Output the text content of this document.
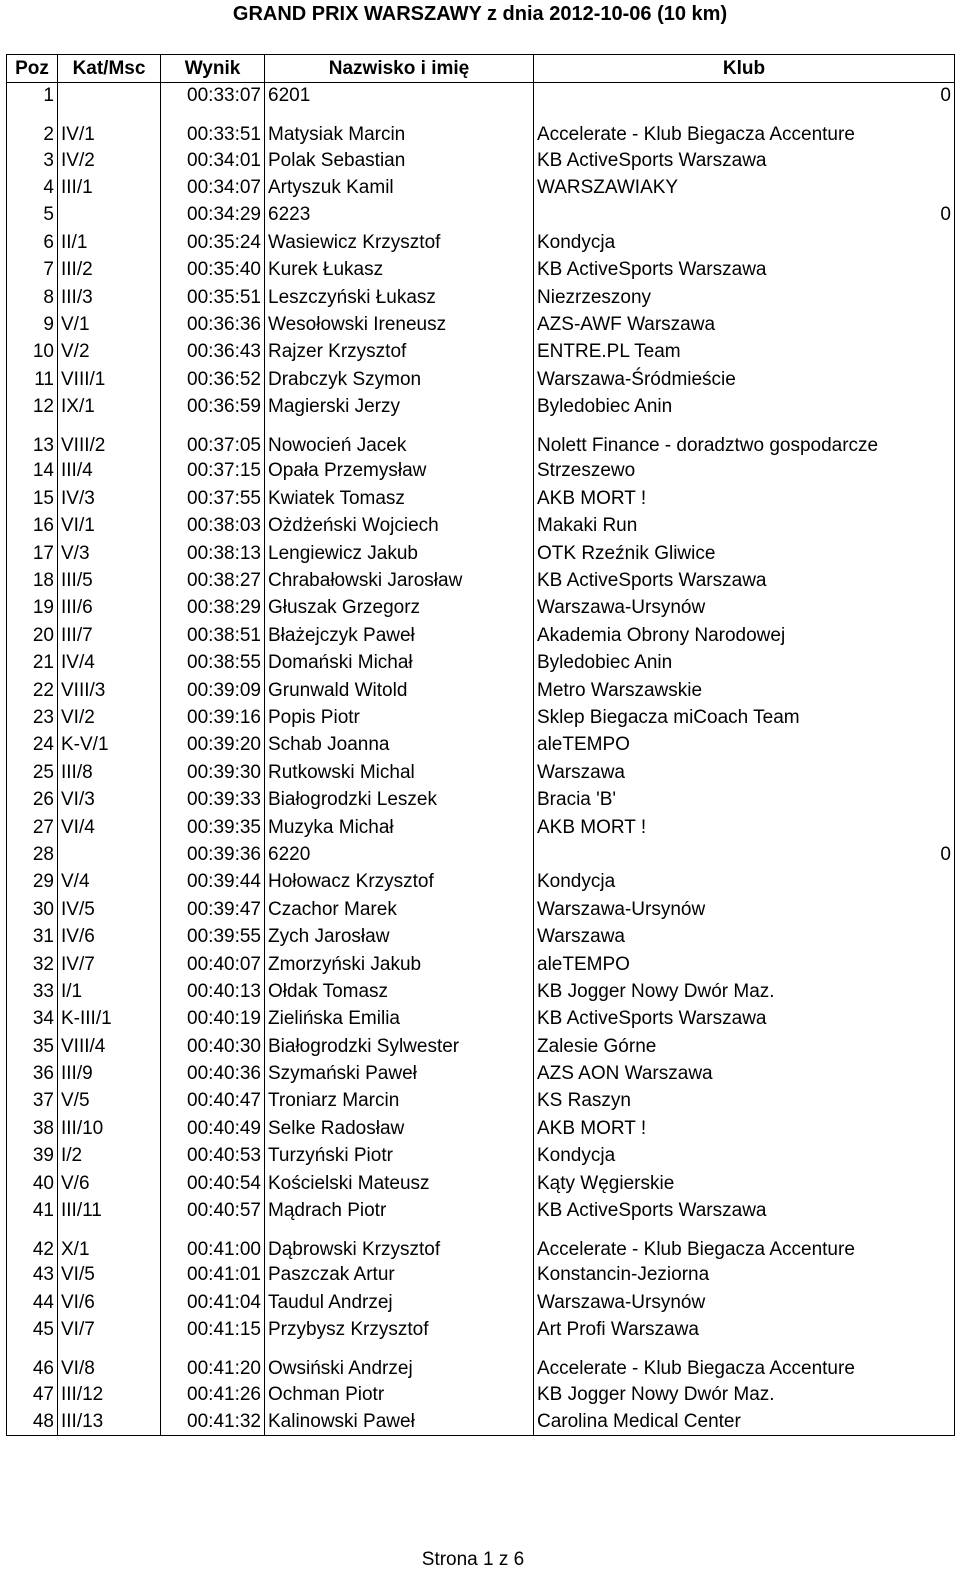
GRAND PRIX WARSZAWY z dnia 2012-10-06 (10 km)
Poz	Kat/Msc	Wynik	Nazwisko i imię	Klub
1		00:33:07	6201	0

2	IV/1	00:33:51	Matysiak Marcin	Accelerate - Klub Biegacza Accenture

3	IV/2	00:34:01	Polak Sebastian	KB ActiveSports Warszawa

4	III/1	00:34:07	Artyszuk Kamil	WARSZAWIAKY

5		00:34:29	6223	0

6	II/1	00:35:24	Wasiewicz Krzysztof	Kondycja

7	III/2	00:35:40	Kurek Łukasz	KB ActiveSports Warszawa

8	III/3	00:35:51	Leszczyński Łukasz	Niezrzeszony

9	V/1	00:36:36	Wesołowski Ireneusz	AZS-AWF Warszawa

10	V/2	00:36:43	Rajzer Krzysztof	ENTRE.PL Team

11	VIII/1	00:36:52	Drabczyk Szymon	Warszawa-Śródmieście

12	IX/1	00:36:59	Magierski Jerzy	Byledobiec Anin

13	VIII/2	00:37:05	Nowocień Jacek	Nolett Finance - doradztwo gospodarcze

14	III/4	00:37:15	Opała Przemysław	Strzeszewo

15	IV/3	00:37:55	Kwiatek Tomasz	AKB MORT !

16	VI/1	00:38:03	Ożdżeński Wojciech	Makaki Run

17	V/3	00:38:13	Lengiewicz Jakub	OTK Rzeźnik Gliwice

18	III/5	00:38:27	Chrabałowski Jarosław	KB ActiveSports Warszawa

19	III/6	00:38:29	Głuszak Grzegorz	Warszawa-Ursynów

20	III/7	00:38:51	Błażejczyk Paweł	Akademia Obrony Narodowej

21	IV/4	00:38:55	Domański Michał	Byledobiec Anin

22	VIII/3	00:39:09	Grunwald Witold	Metro Warszawskie

23	VI/2	00:39:16	Popis Piotr	Sklep Biegacza miCoach Team

24	K-V/1	00:39:20	Schab Joanna	aleTEMPO

25	III/8	00:39:30	Rutkowski Michal	Warszawa

26	VI/3	00:39:33	Białogrodzki Leszek	Bracia 'B'

27	VI/4	00:39:35	Muzyka Michał	AKB MORT !

28		00:39:36	6220	0

29	V/4	00:39:44	Hołowacz Krzysztof	Kondycja

30	IV/5	00:39:47	Czachor Marek	Warszawa-Ursynów

31	IV/6	00:39:55	Zych Jarosław	Warszawa

32	IV/7	00:40:07	Zmorzyński Jakub	aleTEMPO

33	I/1	00:40:13	Ołdak Tomasz	KB Jogger Nowy Dwór Maz.

34	K-III/1	00:40:19	Zielińska Emilia	KB ActiveSports Warszawa

35	VIII/4	00:40:30	Białogrodzki Sylwester	Zalesie Górne

36	III/9	00:40:36	Szymański Paweł	AZS AON Warszawa

37	V/5	00:40:47	Troniarz Marcin	KS Raszyn

38	III/10	00:40:49	Selke Radosław	AKB MORT !

39	I/2	00:40:53	Turzyński Piotr	Kondycja

40	V/6	00:40:54	Kościelski Mateusz	Kąty Węgierskie

41	III/11	00:40:57	Mądrach Piotr	KB ActiveSports Warszawa

42	X/1	00:41:00	Dąbrowski Krzysztof	Accelerate - Klub Biegacza Accenture

43	VI/5	00:41:01	Paszczak Artur	Konstancin-Jeziorna

44	VI/6	00:41:04	Taudul Andrzej	Warszawa-Ursynów

45	VI/7	00:41:15	Przybysz Krzysztof	Art Profi Warszawa

46	VI/8	00:41:20	Owsiński Andrzej	Accelerate - Klub Biegacza Accenture

47	III/12	00:41:26	Ochman Piotr	KB Jogger Nowy Dwór Maz.

48	III/13	00:41:32	Kalinowski Paweł	Carolina Medical Center
Strona 1 z 6
